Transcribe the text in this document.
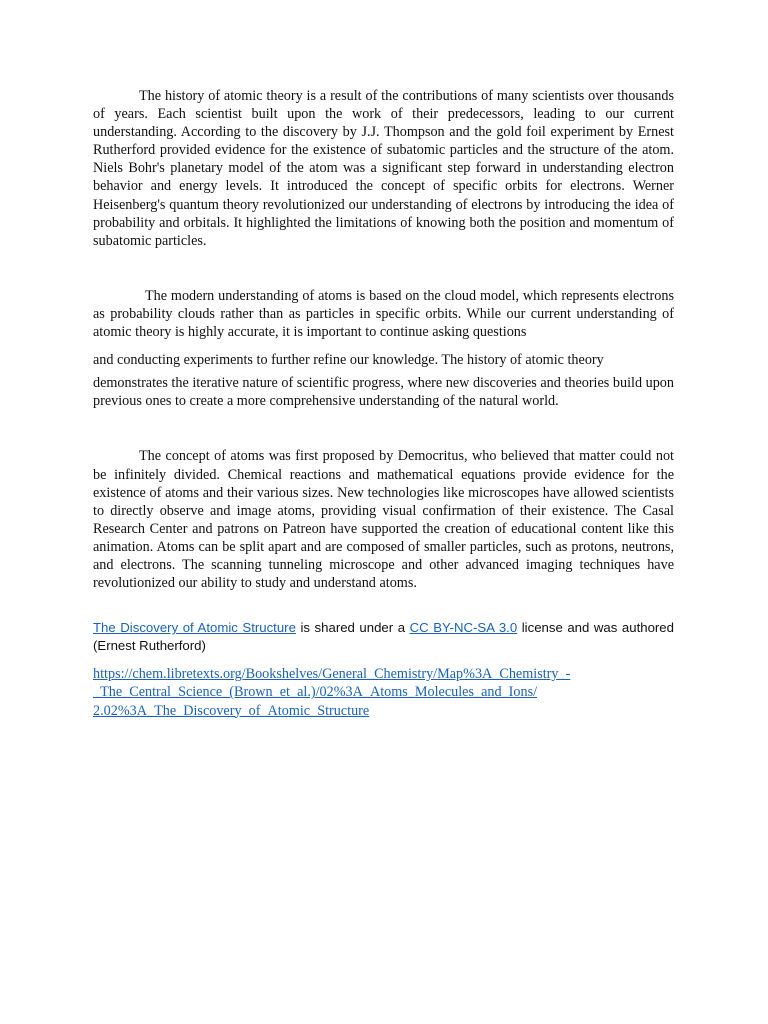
The history of atomic theory is a result of the contributions of many scientists over thousands of years. Each scientist built upon the work of their predecessors, leading to our current understanding. According to the discovery by J.J. Thompson and the gold foil experiment by Ernest Rutherford provided evidence for the existence of subatomic particles and the structure of the atom. Niels Bohr's planetary model of the atom was a significant step forward in understanding electron behavior and energy levels. It introduced the concept of specific orbits for electrons. Werner Heisenberg's quantum theory revolutionized our understanding of electrons by introducing the idea of probability and orbitals. It highlighted the limitations of knowing both the position and momentum of subatomic particles.

The modern understanding of atoms is based on the cloud model, which represents electrons as probability clouds rather than as particles in specific orbits. While our current understanding of atomic theory is highly accurate, it is important to continue asking questions

and conducting experiments to further refine our knowledge. The history of atomic theory

demonstrates the iterative nature of scientific progress, where new discoveries and theories build upon previous ones to create a more comprehensive understanding of the natural world.

The concept of atoms was first proposed by Democritus, who believed that matter could not be infinitely divided. Chemical reactions and mathematical equations provide evidence for the existence of atoms and their various sizes. New technologies like microscopes have allowed scientists to directly observe and image atoms, providing visual confirmation of their existence. The Casal Research Center and patrons on Patreon have supported the creation of educational content like this animation. Atoms can be split apart and are composed of smaller particles, such as protons, neutrons, and electrons. The scanning tunneling microscope and other advanced imaging techniques have revolutionized our ability to study and understand atoms.

The Discovery of Atomic Structure is shared under a CC BY-NC-SA 3.0 license and was authored (Ernest Rutherford)

https://chem.libretexts.org/Bookshelves/General_Chemistry/Map%3A_Chemistry_-
_The_Central_Science_(Brown_et_al.)/02%3A_Atoms_Molecules_and_Ions/
2.02%3A_The_Discovery_of_Atomic_Structure
